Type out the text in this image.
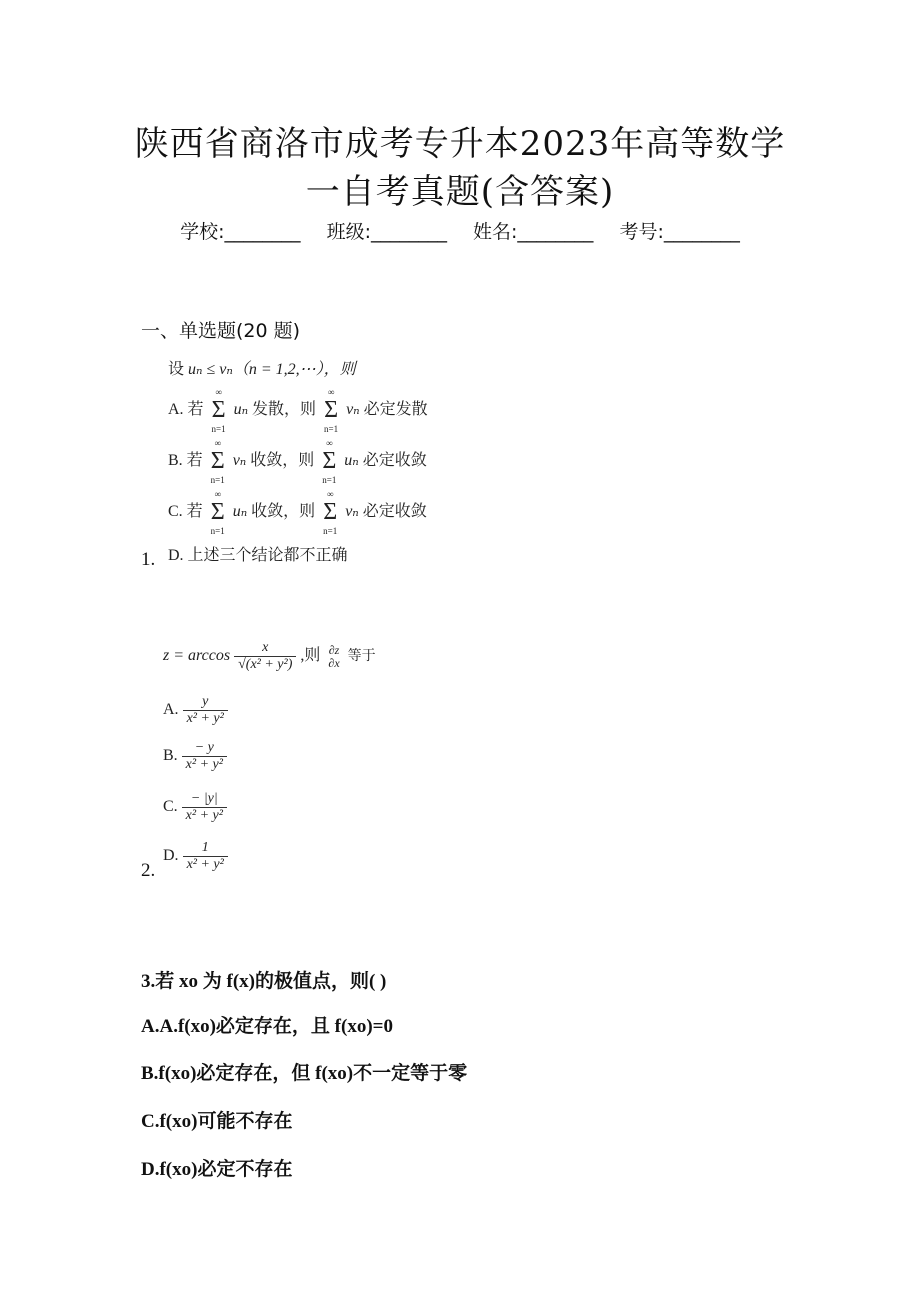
陕西省商洛市成考专升本2023年高等数学
一自考真题(含答案)
学校:________ 班级:________ 姓名:________ 考号:________
一、单选题(20 题)
设 uₙ ≤ vₙ（n = 1,2,⋯），则
A. 若
∞
Σ
n=1
uₙ 发散，则
∞
Σ
n=1
vₙ 必定发散
B. 若
∞
Σ
n=1
vₙ 收敛，则
∞
Σ
n=1
uₙ 必定收敛
C. 若
∞
Σ
n=1
uₙ 收敛，则
∞
Σ
n=1
vₙ 必定收敛
D. 上述三个结论都不正确
1.
$z = \arccos \frac{x}{\text{√(x² + y²)}}$ ,则 ∂z
∂x 等于
A. $\frac{y}{\text{x² + y²}}$
B. $\frac{- y}{\text{x² + y²}}$
C. $\frac{- |y|}{\text{x² + y²}}$
D. $\frac{1}{\text{x² + y²}}$
2.
3.若 xo 为 f(x)的极值点，则( )
A.A.f(xo)必定存在，且 f(xo)=0
B.f(xo)必定存在，但 f(xo)不一定等于零
C.f(xo)可能不存在
D.f(xo)必定不存在
